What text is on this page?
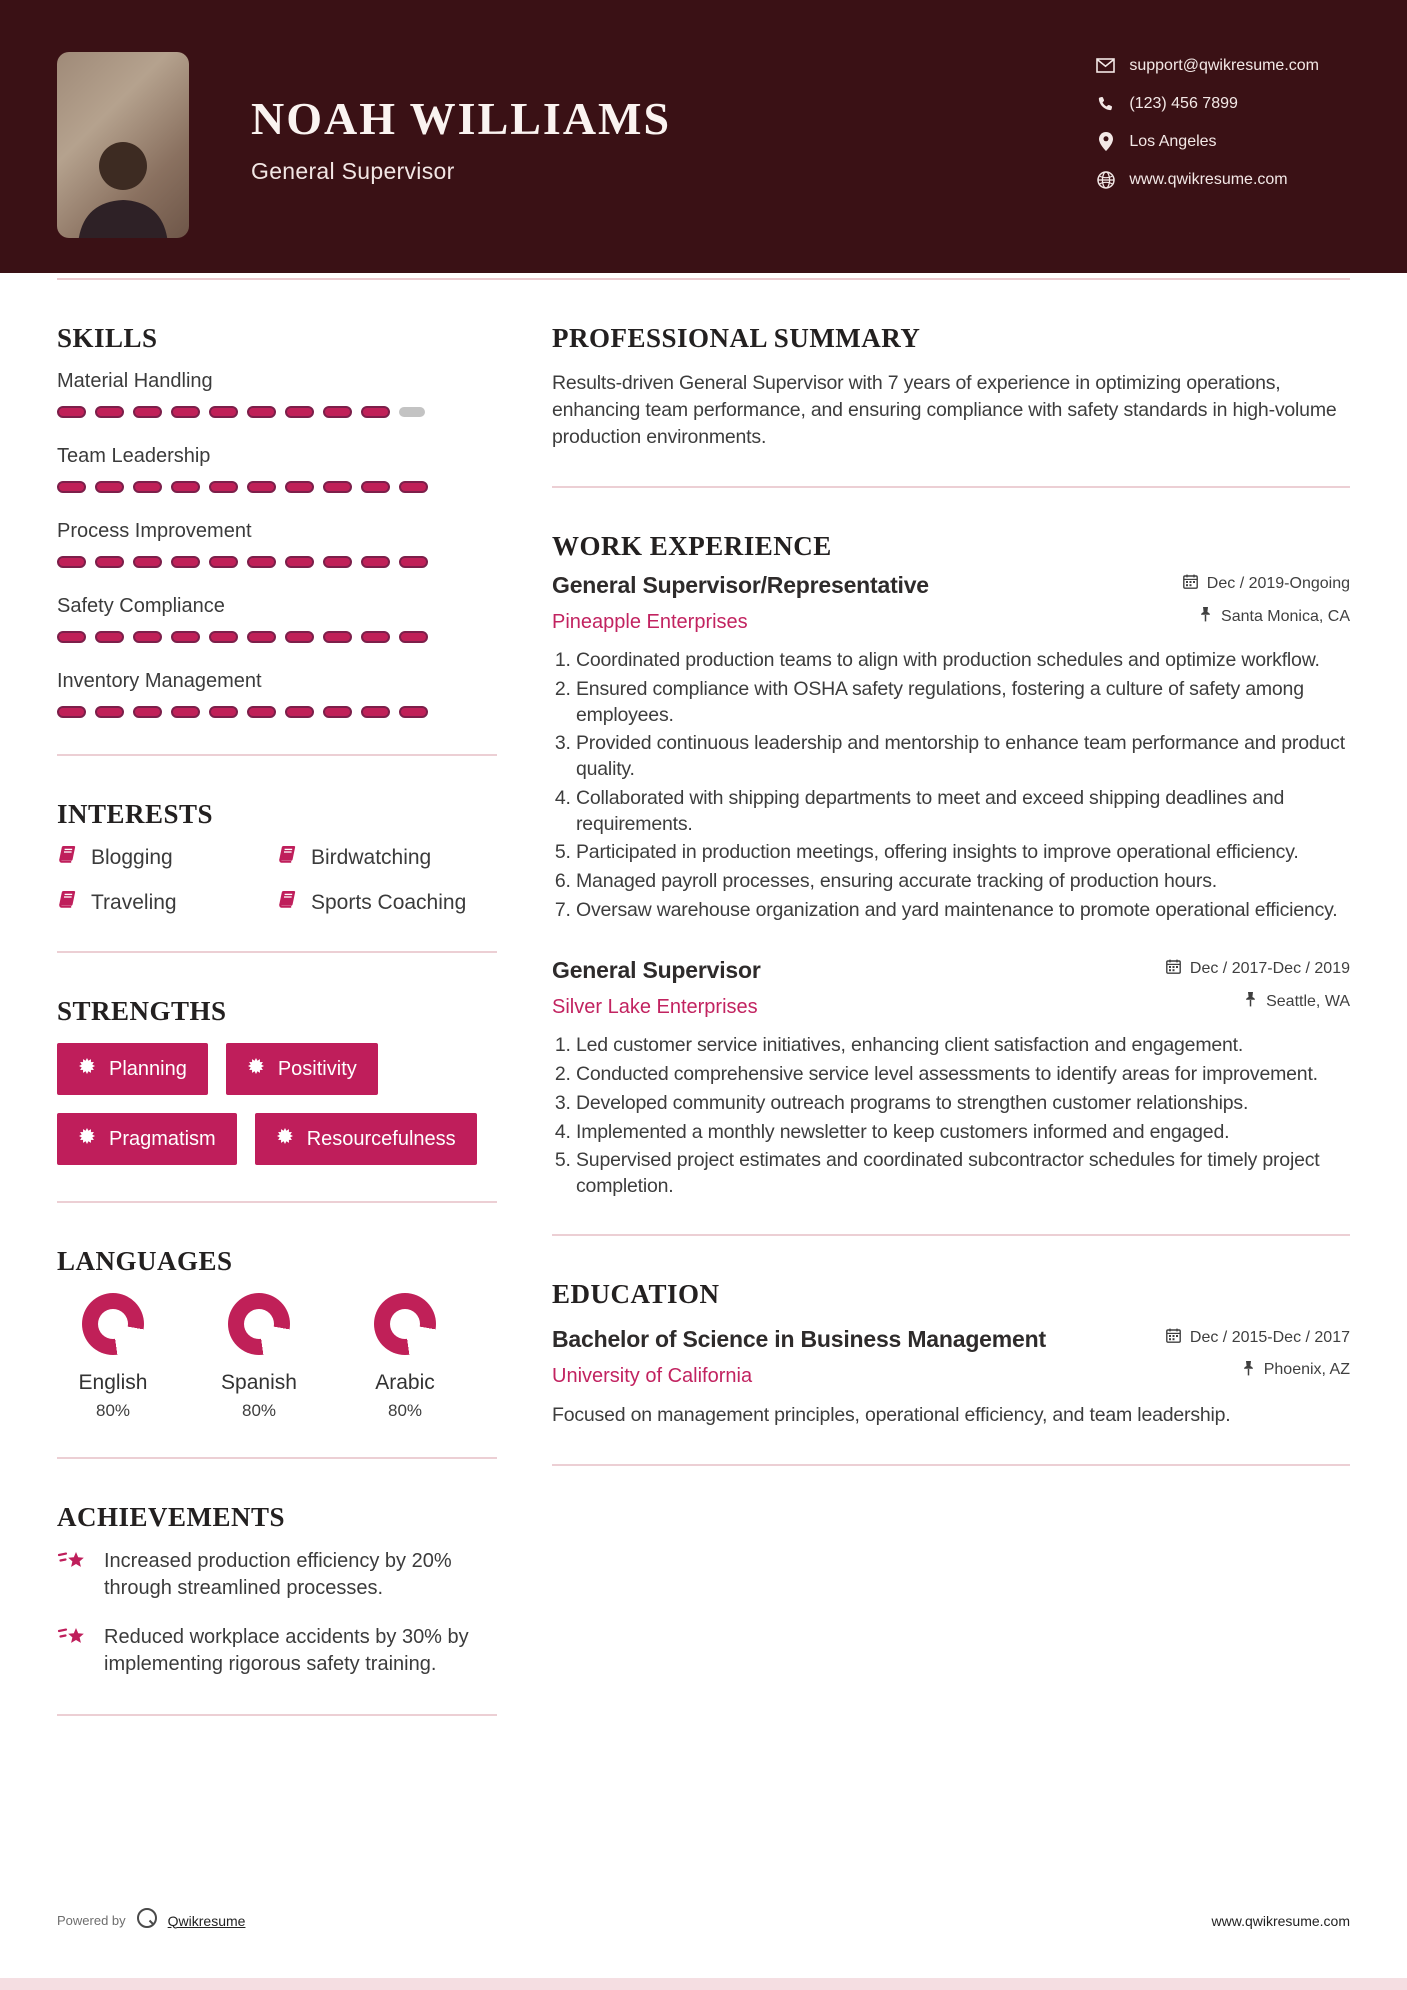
NOAH WILLIAMS
General Supervisor
support@qwikresume.com
(123) 456 7899
Los Angeles
www.qwikresume.com
SKILLS
Material Handling
Team Leadership
Process Improvement
Safety Compliance
Inventory Management
INTERESTS
Blogging	Birdwatching
Traveling	Sports Coaching
STRENGTHS
Planning	Positivity
Pragmatism	Resourcefulness
LANGUAGES
English
80%
Spanish
80%
Arabic
80%
ACHIEVEMENTS
Increased production efficiency by 20% through streamlined processes.
Reduced workplace accidents by 30% by implementing rigorous safety training.
PROFESSIONAL SUMMARY

Results-driven General Supervisor with 7 years of experience in optimizing operations, enhancing team performance, and ensuring compliance with safety standards in high-volume production environments.

WORK EXPERIENCE
General Supervisor/Representative
Pineapple Enterprises
Dec / 2019-Ongoing
Santa Monica, CA
1. Coordinated production teams to align with production schedules and optimize workflow.
2. Ensured compliance with OSHA safety regulations, fostering a culture of safety among employees.
3. Provided continuous leadership and mentorship to enhance team performance and product quality.
4. Collaborated with shipping departments to meet and exceed shipping deadlines and requirements.
5. Participated in production meetings, offering insights to improve operational efficiency.
6. Managed payroll processes, ensuring accurate tracking of production hours.
7. Oversaw warehouse organization and yard maintenance to promote operational efficiency.
General Supervisor
Silver Lake Enterprises
Dec / 2017-Dec / 2019
Seattle, WA
1. Led customer service initiatives, enhancing client satisfaction and engagement.
2. Conducted comprehensive service level assessments to identify areas for improvement.
3. Developed community outreach programs to strengthen customer relationships.
4. Implemented a monthly newsletter to keep customers informed and engaged.
5. Supervised project estimates and coordinated subcontractor schedules for timely project completion.
EDUCATION
Bachelor of Science in Business Management
University of California
Dec / 2015-Dec / 2017
Phoenix, AZ

Focused on management principles, operational efficiency, and team leadership.

Powered by	Qwikresume	www.qwikresume.com
